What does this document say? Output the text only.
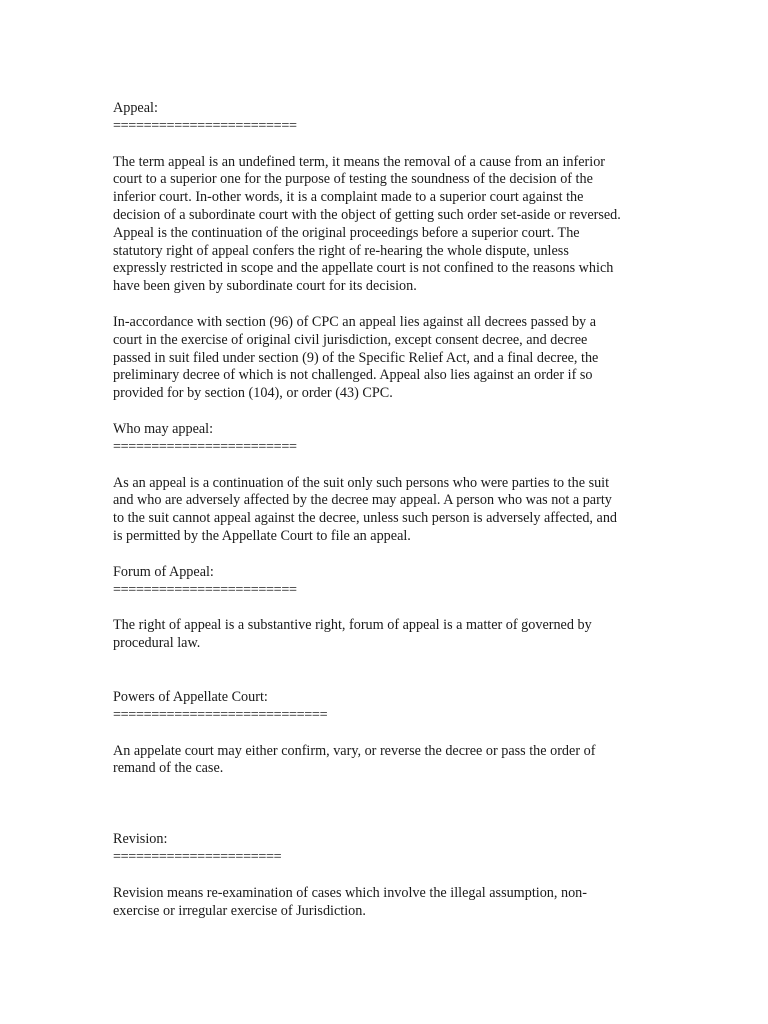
Appeal:
========================
The term appeal is an undefined term, it means the removal of a cause from an inferior
court to a superior one for the purpose of testing the soundness of the decision of the
inferior court. In-other words, it is a complaint made to a superior court against the
decision of a subordinate court with the object of getting such order set-aside or reversed.
Appeal is the continuation of the original proceedings before a superior court. The
statutory right of appeal confers the right of re-hearing the whole dispute, unless
expressly restricted in scope and the appellate court is not confined to the reasons which
have been given by subordinate court for its decision.
In-accordance with section (96) of CPC an appeal lies against all decrees passed by a
court in the exercise of original civil jurisdiction, except consent decree, and decree
passed in suit filed under section (9) of the Specific Relief Act, and a final decree, the
preliminary decree of which is not challenged. Appeal also lies against an order if so
provided for by section (104), or order (43) CPC.
Who may appeal:
========================
As an appeal is a continuation of the suit only such persons who were parties to the suit
and who are adversely affected by the decree may appeal. A person who was not a party
to the suit cannot appeal against the decree, unless such person is adversely affected, and
is permitted by the Appellate Court to file an appeal.
Forum of Appeal:
========================
The right of appeal is a substantive right, forum of appeal is a matter of governed by
procedural law.
Powers of Appellate Court:
============================
An appelate court may either confirm, vary, or reverse the decree or pass the order of
remand of the case.
Revision:
======================
Revision means re-examination of cases which involve the illegal assumption, non-
exercise or irregular exercise of Jurisdiction.
